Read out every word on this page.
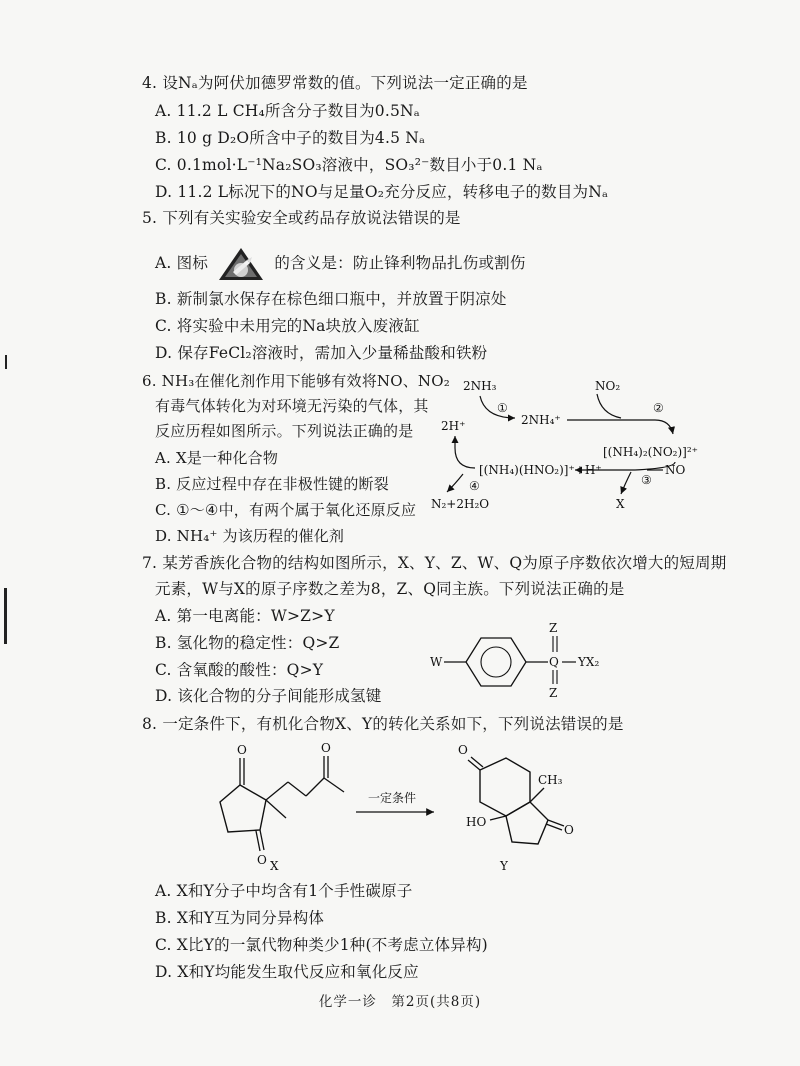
4. 设Nₐ为阿伏加德罗常数的值。下列说法一定正确的是
A. 11.2 L CH₄所含分子数目为0.5Nₐ
B. 10 g D₂O所含中子的数目为4.5 Nₐ
C. 0.1mol·L⁻¹Na₂SO₃溶液中，SO₃²⁻数目小于0.1 Nₐ
D. 11.2 L标况下的NO与足量O₂充分反应，转移电子的数目为Nₐ
5. 下列有关实验安全或药品存放说法错误的是
A. 图标	的含义是：防止锋利物品扎伤或割伤
B. 新制氯水保存在棕色细口瓶中，并放置于阴凉处
C. 将实验中未用完的Na块放入废液缸
D. 保存FeCl₂溶液时，需加入少量稀盐酸和铁粉
6. NH₃在催化剂作用下能够有效将NO、NO₂
有毒气体转化为对环境无污染的气体，其
反应历程如图所示。下列说法正确的是
A. X是一种化合物
B. 反应过程中存在非极性键的断裂
C. ①～④中，有两个属于氧化还原反应
D. NH₄⁺ 为该历程的催化剂
2NH₃
①
2NH₄⁺
NO₂
②
[(NH₄)₂(NO₂)]²⁺
NO
③
X
[(NH₄)(HNO₂)]⁺+H⁺
④
2H⁺
N₂+2H₂O
7. 某芳香族化合物的结构如图所示，X、Y、Z、W、Q为原子序数依次增大的短周期
元素，W与X的原子序数之差为8，Z、Q同主族。下列说法正确的是
A. 第一电离能：W>Z>Y
B. 氢化物的稳定性：Q>Z
C. 含氧酸的酸性：Q>Y
D. 该化合物的分子间能形成氢键
W	Q
Z
Z
YX₂
8. 一定条件下，有机化合物X、Y的转化关系如下，下列说法错误的是
O
O
O
X
一定条件
O
O
CH₃
HO
Y
A. X和Y分子中均含有1个手性碳原子
B. X和Y互为同分异构体
C. X比Y的一氯代物种类少1种(不考虑立体异构)
D. X和Y均能发生取代反应和氧化反应
化学一诊　第2页(共8页)
